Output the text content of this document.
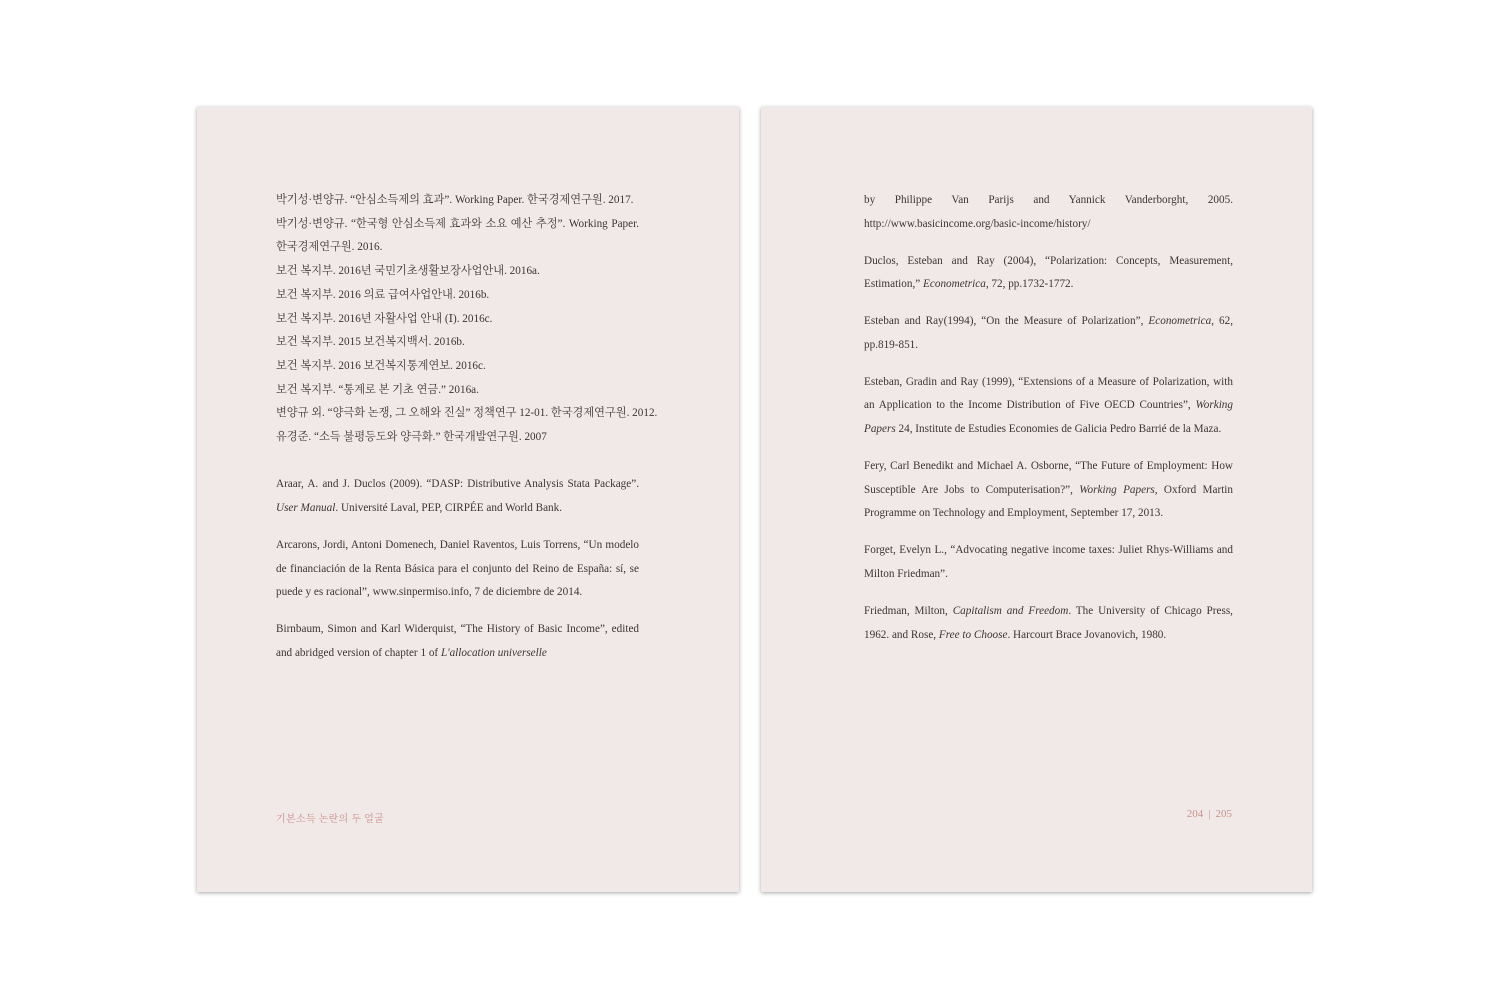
박기성·변양규. “안심소득제의 효과”. Working Paper. 한국경제연구원. 2017.
박기성·변양규. “한국형 안심소득제 효과와 소요 예산 추정”. Working Paper. 한국경제연구원. 2016.
보건 복지부. 2016년 국민기초생활보장사업안내. 2016a.
보건 복지부. 2016 의료 급여사업안내. 2016b.
보건 복지부. 2016년 자활사업 안내 (Ⅰ). 2016c.
보건 복지부. 2015 보건복지백서. 2016b.
보건 복지부. 2016 보건복지통계연보. 2016c.
보건 복지부. “통계로 본 기초 연금.” 2016a.
변양규 외. “양극화 논쟁, 그 오해와 진실” 정책연구 12-01. 한국경제연구원. 2012.
유경준. “소득 불평등도와 양극화.” 한국개발연구원. 2007
Araar, A. and J. Duclos (2009). “DASP: Distributive Analysis Stata Package”. User Manual. Université Laval, PEP, CIRPÉE and World Bank.
Arcarons, Jordi, Antoni Domenech, Daniel Raventos, Luis Torrens, “Un modelo de financiación de la Renta Básica para el conjunto del Reino de España: sí, se puede y es racional”, www.sinpermiso.info, 7 de diciembre de 2014.
Birnbaum, Simon and Karl Widerquist, “The History of Basic Income”, edited and abridged version of chapter 1 of L'allocation universelle
기본소득 논란의 두 얼굴
by Philippe Van Parijs and Yannick Vanderborght, 2005. http://www.basicincome.org/basic-income/history/
Duclos, Esteban and Ray (2004), “Polarization: Concepts, Measurement, Estimation,” Econometrica, 72, pp.1732-1772.
Esteban and Ray(1994), “On the Measure of Polarization”, Econometrica, 62, pp.819-851.
Esteban, Gradin and Ray (1999), “Extensions of a Measure of Polarization, with an Application to the Income Distribution of Five OECD Countries”, Working Papers 24, Institute de Estudies Economies de Galicia Pedro Barrié de la Maza.
Fery, Carl Benedikt and Michael A. Osborne, “The Future of Employment: How Susceptible Are Jobs to Computerisation?”, Working Papers, Oxford Martin Programme on Technology and Employment, September 17, 2013.
Forget, Evelyn L., “Advocating negative income taxes: Juliet Rhys-Williams and Milton Friedman”.
Friedman, Milton, Capitalism and Freedom. The University of Chicago Press, 1962. and Rose, Free to Choose. Harcourt Brace Jovanovich, 1980.
204 | 205
